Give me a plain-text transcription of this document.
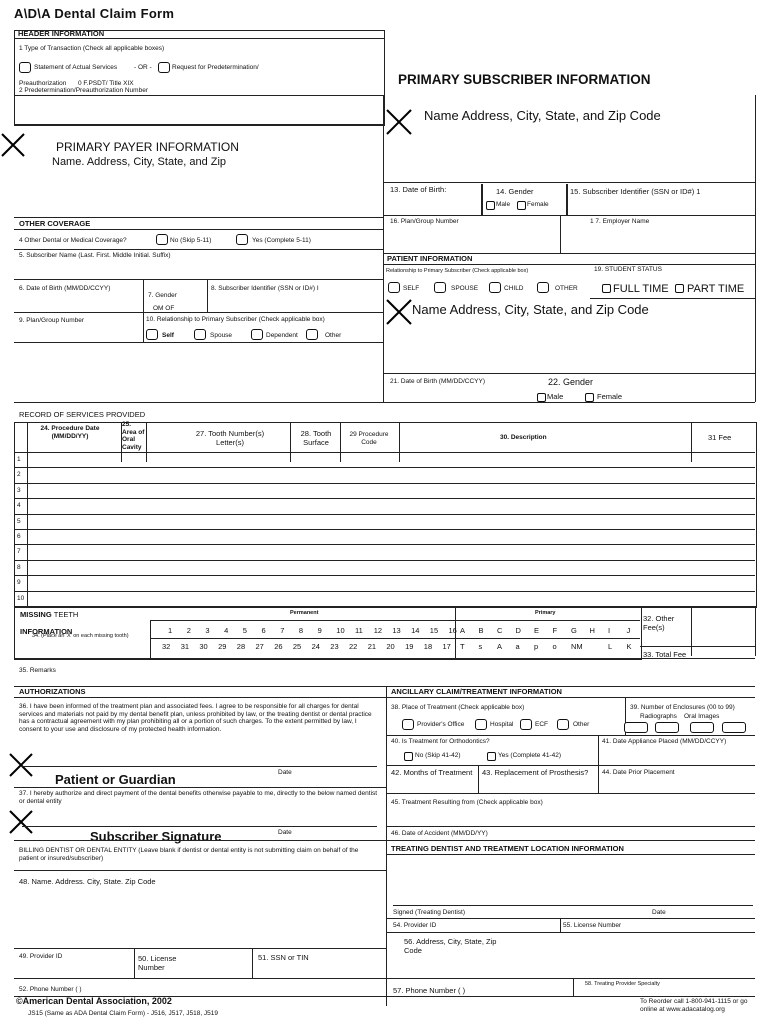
A\D\A Dental Claim Form
HEADER INFORMATION
1 Type of Transaction (Check all applicable boxes)
Statement of Actual Services	- OR -	Request for Predetermination/
Preauthorization 0 F.PSDT/ Title XIX
2 Predetermination/Preauthorization Number
PRIMARY PAYER INFORMATION
Name. Address, City, State, and Zip
PRIMARY SUBSCRIBER INFORMATION
Name Address, City, State, and Zip Code
13. Date of Birth:	14. Gender
Male	Female
15. Subscriber Identifier (SSN or ID#) 1
16. Plan/Group Number	1 7. Employer Name
OTHER COVERAGE
4 Other Dental or Medical Coverage?	No (Skip 5-11)	Yes (Complete 5-11)
5. Subscriber Name (Last. First. Middle Initial. Suffix)
6. Date of Birth (MM/DD/CCYY)
7. Gender
OM OF
8. Subscriber Identifier (SSN or ID#) I
9. Plan/Group Number	10. Relationship to Primary Subscriber (Check applicable box)
Self	Spouse	Dependent	Other
PATIENT INFORMATION
Relationship to Primary Subscriber (Check applicable box)	19. STUDENT STATUS
SELF	SPOUSE	CHILD	OTHER	FULL TIME PART TIME
Name Address, City, State, and Zip Code
21. Date of Birth (MM/DD/CCYY)	22. Gender
Male	Female
RECORD OF SERVICES PROVIDED
24. Procedure Date (MM/DD/YY)
25. Area of Oral Cavity
27. Tooth Number(s) Letter(s)
28. Tooth Surface
29 Procedure Code
30. Description	31 Fee
1
2
3
4
5
6
7
8
9
10
MISSING TEETH
INFORMATION
34. (Place an 'X' on each missing tooth)
Permanent	Primary
1 2 3 4 5 6 7 8 9 10 11 12 13 14 15 16 A B C D E F G H I J
32 31 30 29 28 27 26 25 24 23 22 21 20 19 18 17 T s A a p o NM	L K
32. Other Fee(s)
33. Total Fee
35. Remarks
AUTHORIZATIONS
36. I have been informed of the treatment plan and associated fees. I agree to be responsible for all charges for dental services and materials not paid by my dental benefit plan, unless prohibited by law, or the treating dentist or dental practice has a contractual agreement with my plan prohibiting all or a portion of such charges. To the extent permitted by law, I consent to your use and disclosure of my protected health information.
Date
Patient or Guardian
37. I hereby authorize and direct payment of the dental benefits otherwise payable to me, directly to the below named dentist or dental entity
Subscriber Signature	Date
ANCILLARY CLAIM/TREATMENT INFORMATION
38. Place of Treatment (Check applicable box)	39. Number of Enclosures (00 to 99)
Radiographs Oral Images
Provider's Office	Hospital	ECF	Other
40. Is Treatment for Orthodontics?
No (Skip 41-42)	Yes (Complete 41-42)
41. Date Appliance Placed (MM/DD/CCYY)
42. Months of Treatment 43. Replacement of Prosthesis? 44. Date Prior Placement
45. Treatment Resulting from (Check applicable box)
46. Date of Accident (MM/DD/YY)
BILLING DENTIST OR DENTAL ENTITY (Leave blank if dentist or dental entity is not submitting claim on behalf of the patient or insured/subscriber)
48. Name. Address. City, State. Zip Code
49. Provider ID	50. License Number
51. SSN or TIN
52. Phone Number ( )
©American Dental Association, 2002
JS15 (Same as ADA Dental Claim Form) - J516, J517, J518, J519
TREATING DENTIST AND TREATMENT LOCATION INFORMATION
Signed (Treating Dentist)	Date
54. Provider ID	55. License Number
56. Address, City, State, Zip Code
57. Phone Number ( )
58. Treating Provider Specialty
To Reorder call 1-800-941-1115 or go online at www.adacatalog.org
